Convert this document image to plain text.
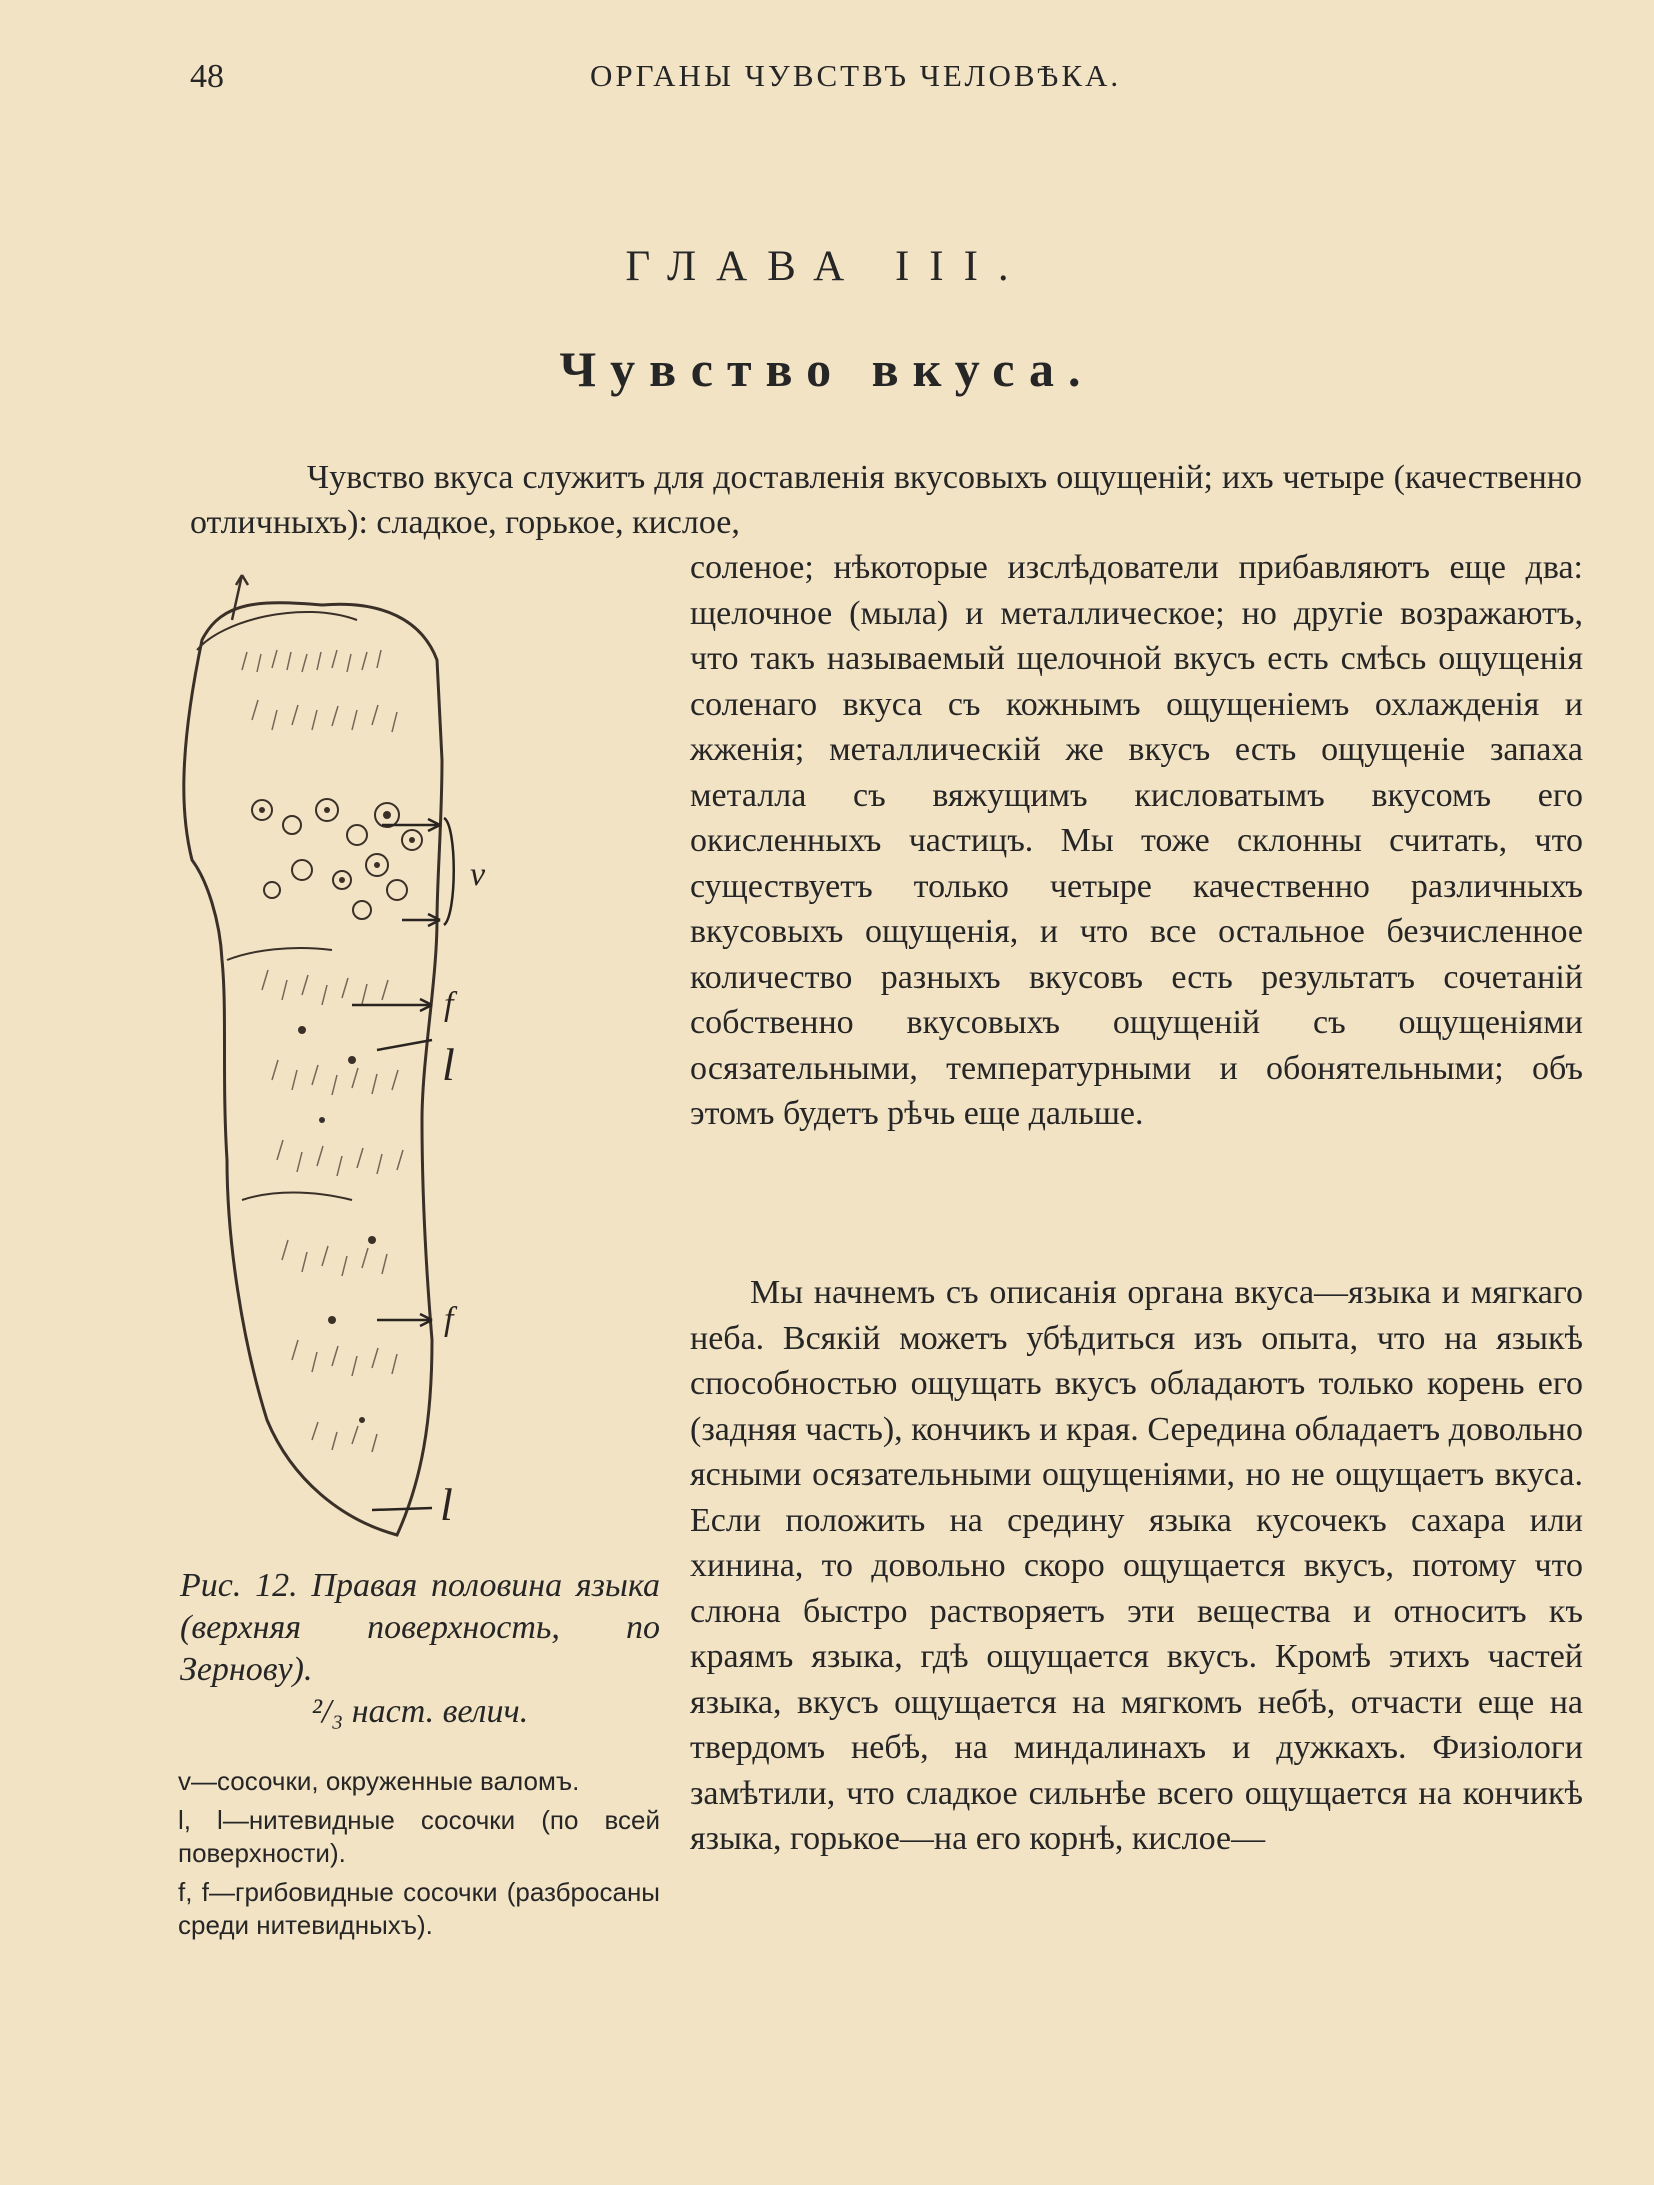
48	ОРГАНЫ ЧУВСТВЪ ЧЕЛОВѢКА.
ГЛАВА III.
Чувство вкуса.

Чувство вкуса служитъ для доставленія вкусовыхъ ощущеній; ихъ четыре (качественно отличныхъ): сладкое, горькое, кислое,

v
f
l
f
l

Рис. 12. Правая половина языка (верхняя поверхность, по Зернову).
²/₃ наст. велич.

v—сосочки, окруженные валомъ.
l, l—нитевидные сосочки (по всей поверхности).
f, f—грибовидные сосочки (разбросаны среди нитевидныхъ).

соленое; нѣкоторые изслѣдователи прибавляютъ еще два: щелочное (мыла) и металлическое; но другіе возражаютъ, что такъ называемый щелочной вкусъ есть смѣсь ощущенія соленаго вкуса съ кожнымъ ощущеніемъ охлажденія и жженія; металлическій же вкусъ есть ощущеніе запаха металла съ вяжущимъ кисловатымъ вкусомъ его окисленныхъ частицъ. Мы тоже склонны считать, что существуетъ только четыре качественно различныхъ вкусовыхъ ощущенія, и что все остальное безчисленное количество разныхъ вкусовъ есть результатъ сочетаній собственно вкусовыхъ ощущеній съ ощущеніями осязательными, температурными и обонятельными; объ этомъ будетъ рѣчь еще дальше.

Мы начнемъ съ описанія органа вкуса—языка и мягкаго неба. Всякій можетъ убѣдиться изъ опыта, что на языкѣ способностью ощущать вкусъ обладаютъ только корень его (задняя часть), кончикъ и края. Середина обладаетъ довольно ясными осязательными ощущеніями, но не ощущаетъ вкуса. Если положить на средину языка кусочекъ сахара или хинина, то довольно скоро ощущается вкусъ, потому что слюна быстро растворяетъ эти вещества и относитъ къ краямъ языка, гдѣ ощущается вкусъ. Кромѣ этихъ частей языка, вкусъ ощущается на мягкомъ небѣ, отчасти еще на твердомъ небѣ, на миндалинахъ и дужкахъ. Физіологи замѣтили, что сладкое сильнѣе всего ощущается на кончикѣ языка, горькое—на его корнѣ, кислое—
